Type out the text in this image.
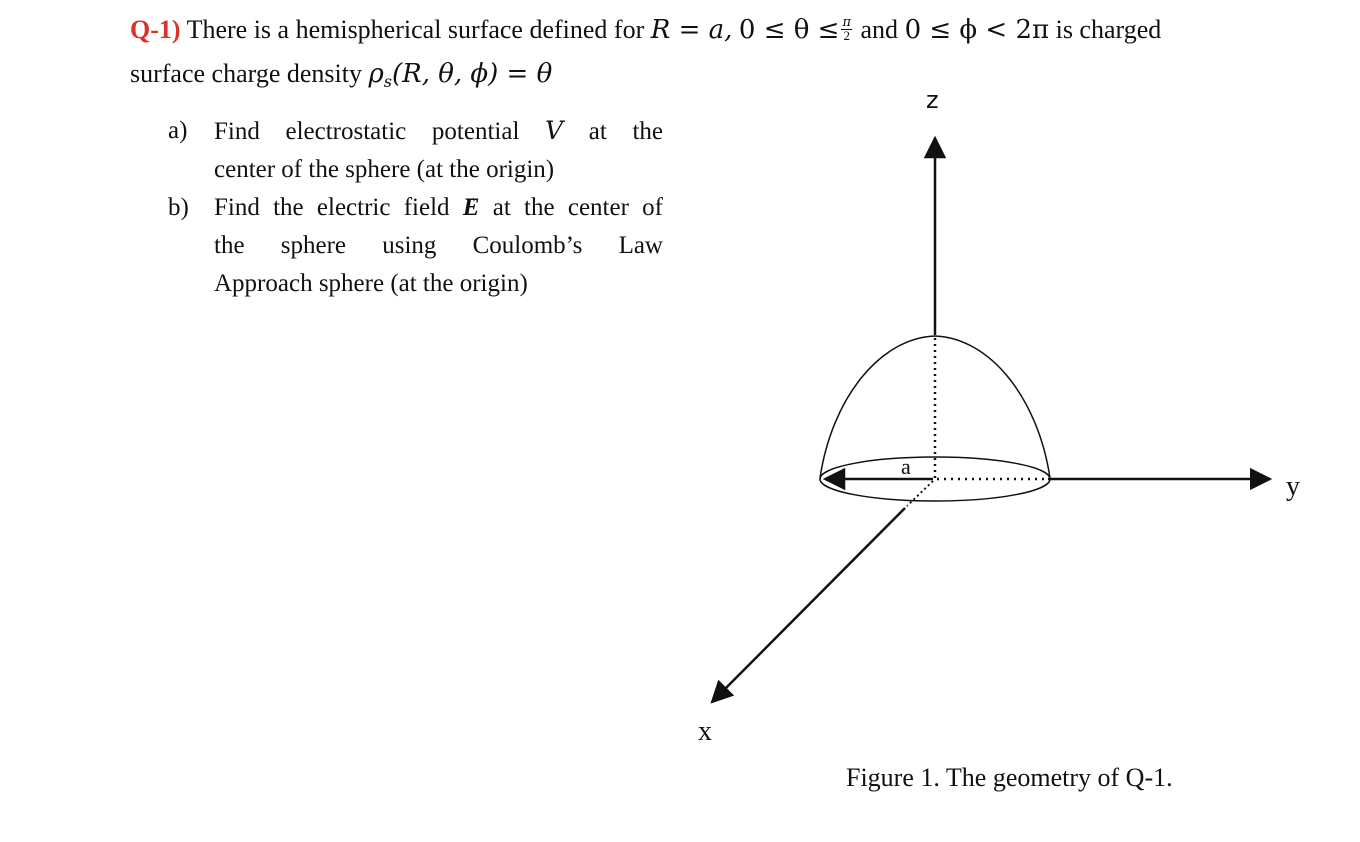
Q-1) There is a hemispherical surface defined for R = a, $0 \le \theta \le \frac{\pi}{2}$ and 0 ≤ ϕ < 2π is charged
surface charge density $\rho_s(R$, θ, ϕ) = θ
a)	Find electrostatic potential V at the
center of the sphere (at the origin)
b)	Find the electric field → E at the center of
the sphere using Coulomb’s Law
Approach sphere (at the origin)
z
y
x
a
Figure 1. The geometry of Q-1.
